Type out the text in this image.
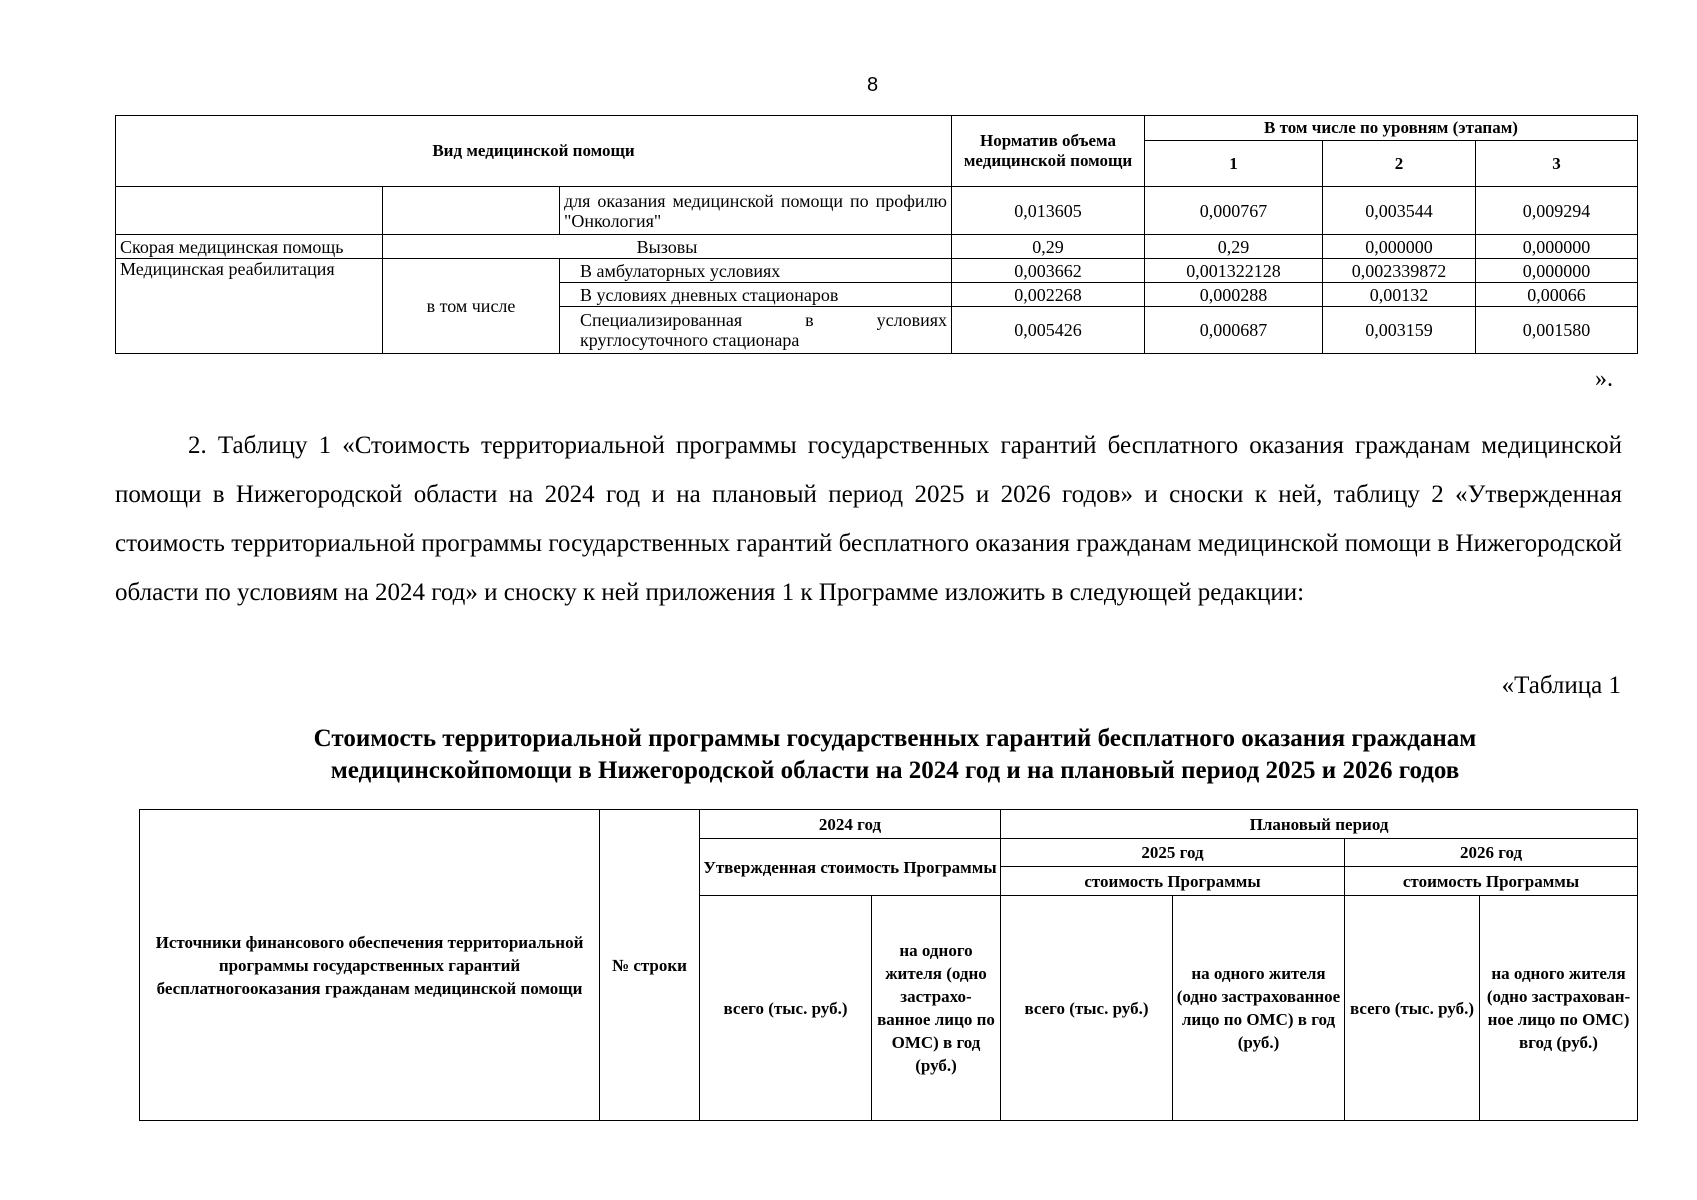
8
Вид медицинской помощи			Норматив объема медицинской помощи	В том числе по уровням (этапам)		
				1	2	3
		для оказания медицинской помощи по профилю "Онкология"	0,013605	0,000767	0,003544	0,009294
Скорая медицинская помощь	Вызовы		0,29	0,29	0,000000	0,000000
Медицинская реабилитация	в том числе	В амбулаторных условиях	0,003662	0,001322128	0,002339872	0,000000
		В условиях дневных стационаров	0,002268	0,000288	0,00132	0,00066
		Специализированная в условиях круглосуточного стационара	0,005426	0,000687	0,003159	0,001580
».

2. Таблицу 1 «Стоимость территориальной программы государственных гарантий бесплатного оказания гражданам медицинской помощи в Нижегородской области на 2024 год и на плановый период 2025 и 2026 годов» и сноски к ней, таблицу 2 «Утвержденная стоимость территориальной программы государственных гарантий бесплатного оказания гражданам медицинской помощи в Нижегородской области по условиям на 2024 год» и сноску к ней приложения 1 к Программе изложить в следующей редакции:

«Таблица 1

Стоимость территориальной программы государственных гарантий бесплатного оказания гражданам медицинскойпомощи в Нижегородской области на 2024 год и на плановый период 2025 и 2026 годов

Источники финансового обеспечения территориальной программы государственных гарантий бесплатногооказания гражданам медицинской помощи	№ строки	2024 год		Плановый период			
		Утвержденная стоимость Программы		2025 год		2026 год	
				стоимость Программы		стоимость Программы	
		всего (тыс. руб.)	на одного жителя (одно застрахо-ванное лицо по ОМС) в год (руб.)	всего (тыс. руб.)	на одного жителя (одно застрахованное лицо по ОМС) в год (руб.)	всего (тыс. руб.)	на одного жителя (одно застрахован-ное лицо по ОМС) вгод (руб.)
